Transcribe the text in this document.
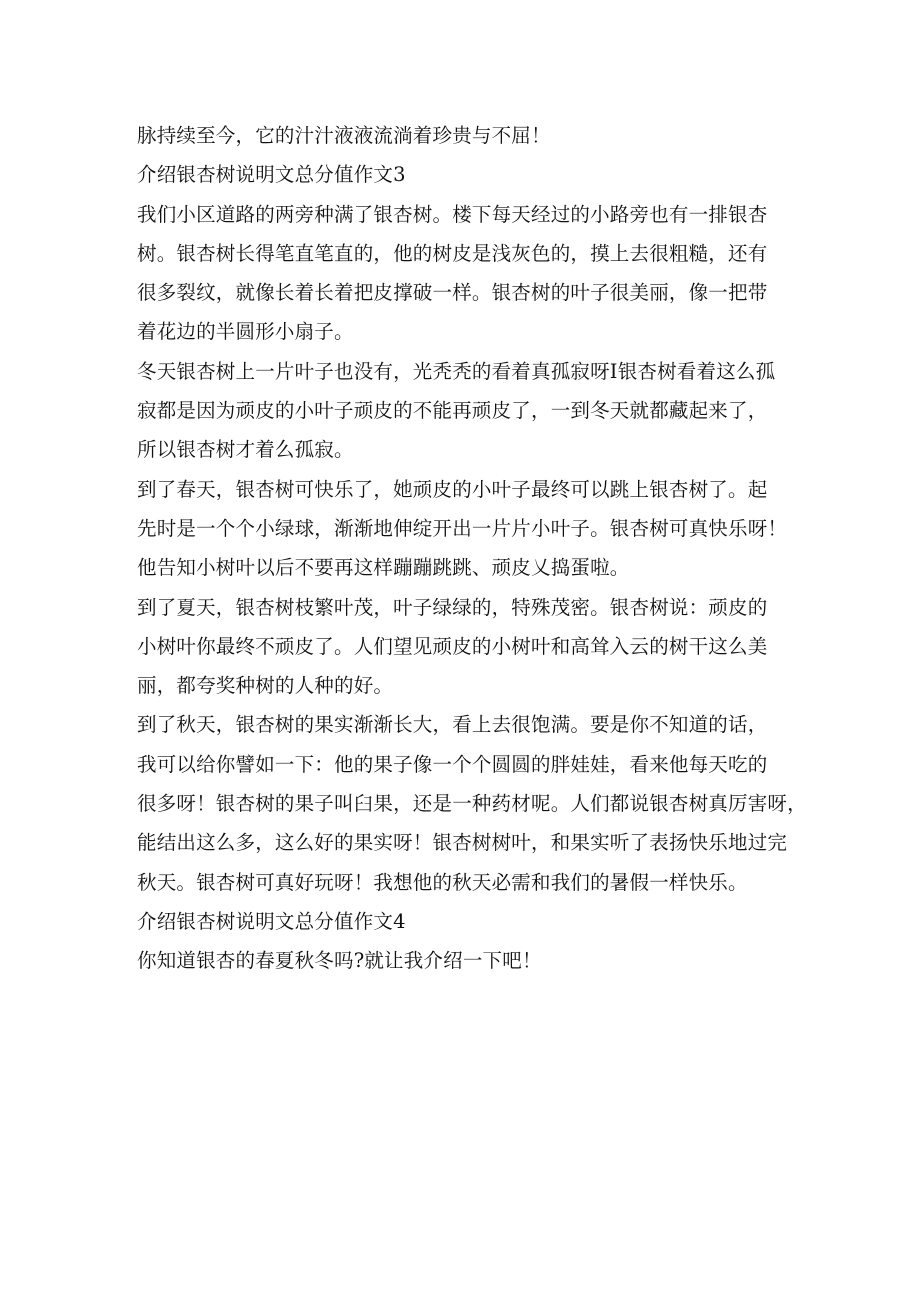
脉持续至今，它的汁汁液液流淌着珍贵与不屈！
介绍银杏树说明文总分值作文3
我们小区道路的两旁种满了银杏树。楼下每天经过的小路旁也有一排银杏
树。银杏树长得笔直笔直的，他的树皮是浅灰色的，摸上去很粗糙，还有
很多裂纹，就像长着长着把皮撑破一样。银杏树的叶子很美丽，像一把带
着花边的半圆形小扇子。
冬天银杏树上一片叶子也没有，光秃秃的看着真孤寂呀I银杏树看着这么孤
寂都是因为顽皮的小叶子顽皮的不能再顽皮了，一到冬天就都藏起来了，
所以银杏树才着么孤寂。
到了春天，银杏树可快乐了，她顽皮的小叶子最终可以跳上银杏树了。起
先时是一个个小绿球，渐渐地伸绽开出一片片小叶子。银杏树可真快乐呀！
他告知小树叶以后不要再这样蹦蹦跳跳、顽皮乂捣蛋啦。
到了夏天，银杏树枝繁叶茂，叶子绿绿的，特殊茂密。银杏树说：顽皮的
小树叶你最终不顽皮了。人们望见顽皮的小树叶和高耸入云的树干这么美
丽，都夸奖种树的人种的好。
到了秋天，银杏树的果实渐渐长大，看上去很饱满。要是你不知道的话，
我可以给你譬如一下：他的果子像一个个圆圆的胖娃娃，看来他每天吃的
很多呀！银杏树的果子叫臼果，还是一种药材呢。人们都说银杏树真厉害呀，
能结出这么多，这么好的果实呀！银杏树树叶，和果实听了表扬快乐地过完
秋天。银杏树可真好玩呀！我想他的秋天必需和我们的暑假一样快乐。
介绍银杏树说明文总分值作文4
你知道银杏的春夏秋冬吗?就让我介绍一下吧！
